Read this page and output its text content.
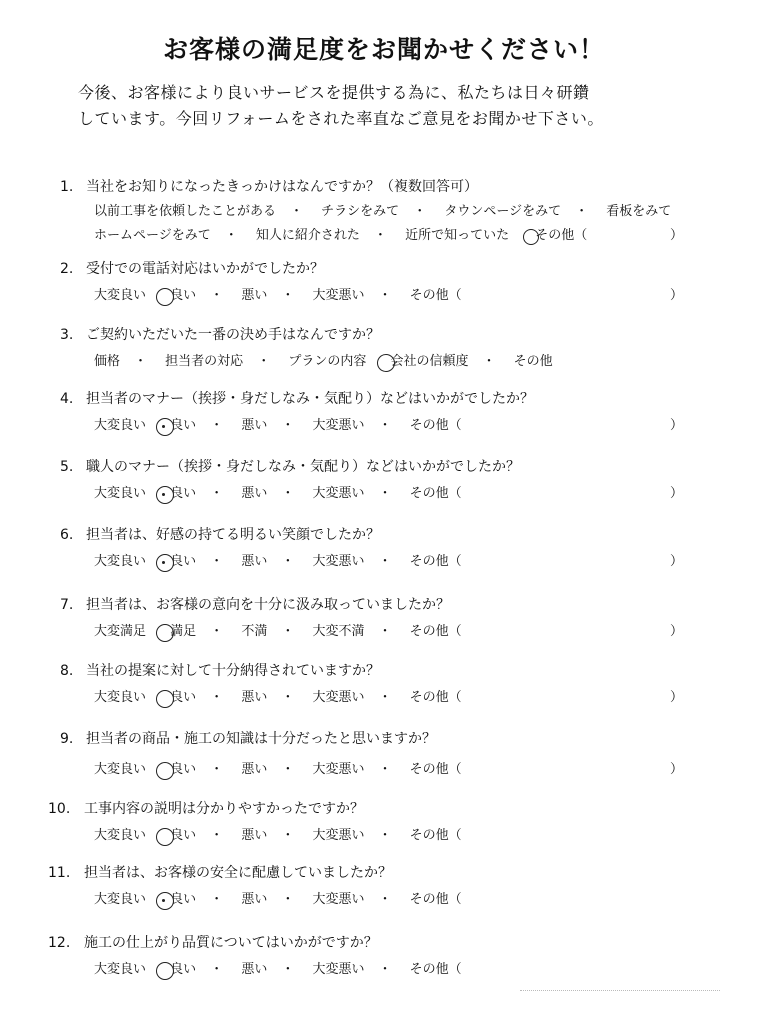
お客様の満足度をお聞かせください！
今後、お客様により良いサービスを提供する為に、私たちは日々研鑽
しています。今回リフォームをされた率直なご意見をお聞かせ下さい。
1. 当社をお知りになったきっかけはなんですか？（複数回答可）
以前工事を依頼したことがある ・ チラシをみて ・ タウンページをみて ・ 看板をみて
ホームページをみて ・ 知人に紹介された ・ 近所で知っていた その他（	）
2. 受付での電話対応はいかがでしたか？
大変良い 良い ・ 悪い ・ 大変悪い ・ その他（	）
3. ご契約いただいた一番の決め手はなんですか？
価格 ・ 担当者の対応 ・ プランの内容 会社の信頼度 ・ その他
4. 担当者のマナー（挨拶・身だしなみ・気配り）などはいかがでしたか？
大変良い 良い ・ 悪い ・ 大変悪い ・ その他（	）
5. 職人のマナー（挨拶・身だしなみ・気配り）などはいかがでしたか？
大変良い 良い ・ 悪い ・ 大変悪い ・ その他（	）
6. 担当者は、好感の持てる明るい笑顔でしたか？
大変良い 良い ・ 悪い ・ 大変悪い ・ その他（	）
7. 担当者は、お客様の意向を十分に汲み取っていましたか？
大変満足 満足 ・ 不満 ・ 大変不満 ・ その他（	）
8. 当社の提案に対して十分納得されていますか？
大変良い 良い ・ 悪い ・ 大変悪い ・ その他（	）
9. 担当者の商品・施工の知識は十分だったと思いますか？
大変良い 良い ・ 悪い ・ 大変悪い ・ その他（	）
10. 工事内容の説明は分かりやすかったですか？
大変良い 良い ・ 悪い ・ 大変悪い ・ その他（
11. 担当者は、お客様の安全に配慮していましたか？
大変良い 良い ・ 悪い ・ 大変悪い ・ その他（
12. 施工の仕上がり品質についてはいかがですか？
大変良い 良い ・ 悪い ・ 大変悪い ・ その他（
